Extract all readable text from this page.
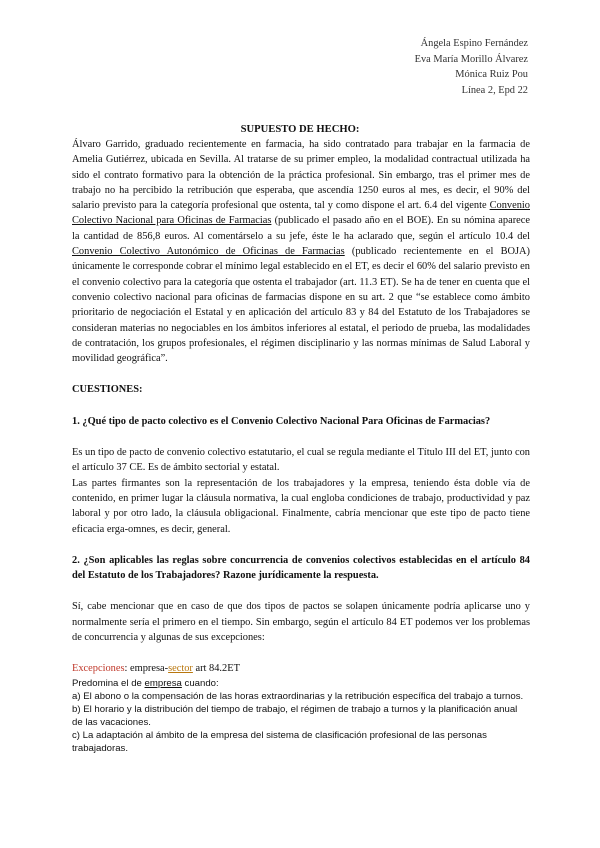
Ángela Espino Fernández
Eva María Morillo Álvarez
Mónica Ruiz Pou
Línea 2, Epd 22
SUPUESTO DE HECHO:

Álvaro Garrido, graduado recientemente en farmacia, ha sido contratado para trabajar en la farmacia de Amelia Gutiérrez, ubicada en Sevilla. Al tratarse de su primer empleo, la modalidad contractual utilizada ha sido el contrato formativo para la obtención de la práctica profesional. Sin embargo, tras el primer mes de trabajo no ha percibido la retribución que esperaba, que ascendía 1250 euros al mes, es decir, el 90% del salario previsto para la categoría profesional que ostenta, tal y como dispone el art. 6.4 del vigente Convenio Colectivo Nacional para Oficinas de Farmacias (publicado el pasado año en el BOE). En su nómina aparece la cantidad de 856,8 euros. Al comentárselo a su jefe, éste le ha aclarado que, según el artículo 10.4 del Convenio Colectivo Autonómico de Oficinas de Farmacias (publicado recientemente en el BOJA) únicamente le corresponde cobrar el mínimo legal establecido en el ET, es decir el 60% del salario previsto en el convenio colectivo para la categoría que ostenta el trabajador (art. 11.3 ET). Se ha de tener en cuenta que el convenio colectivo nacional para oficinas de farmacias dispone en su art. 2 que “se establece como ámbito prioritario de negociación el Estatal y en aplicación del artículo 83 y 84 del Estatuto de los Trabajadores se consideran materias no negociables en los ámbitos inferiores al estatal, el periodo de prueba, las modalidades de contratación, los grupos profesionales, el régimen disciplinario y las normas mínimas de Salud Laboral y movilidad geográfica”.

CUESTIONES:

1. ¿Qué tipo de pacto colectivo es el Convenio Colectivo Nacional Para Oficinas de Farmacias?

Es un tipo de pacto de convenio colectivo estatutario, el cual se regula mediante el Título III del ET, junto con el artículo 37 CE. Es de ámbito sectorial y estatal.

Las partes firmantes son la representación de los trabajadores y la empresa, teniendo ésta doble vía de contenido, en primer lugar la cláusula normativa, la cual engloba condiciones de trabajo, productividad y paz laboral y por otro lado, la cláusula obligacional. Finalmente, cabría mencionar que este tipo de pacto tiene eficacia erga-omnes, es decir, general.

2. ¿Son aplicables las reglas sobre concurrencia de convenios colectivos establecidas en el artículo 84 del Estatuto de los Trabajadores? Razone jurídicamente la respuesta.

Sí, cabe mencionar que en caso de que dos tipos de pactos se solapen únicamente podría aplicarse uno y normalmente sería el primero en el tiempo. Sin embargo, según el artículo 84 ET podemos ver los problemas de concurrencia y algunas de sus excepciones:

Excepciones: empresa-sector art 84.2ET

Predomina el de empresa cuando:

a) El abono o la compensación de las horas extraordinarias y la retribución específica del trabajo a turnos.

b) El horario y la distribución del tiempo de trabajo, el régimen de trabajo a turnos y la planificación anual de las vacaciones.

c) La adaptación al ámbito de la empresa del sistema de clasificación profesional de las personas trabajadoras.
